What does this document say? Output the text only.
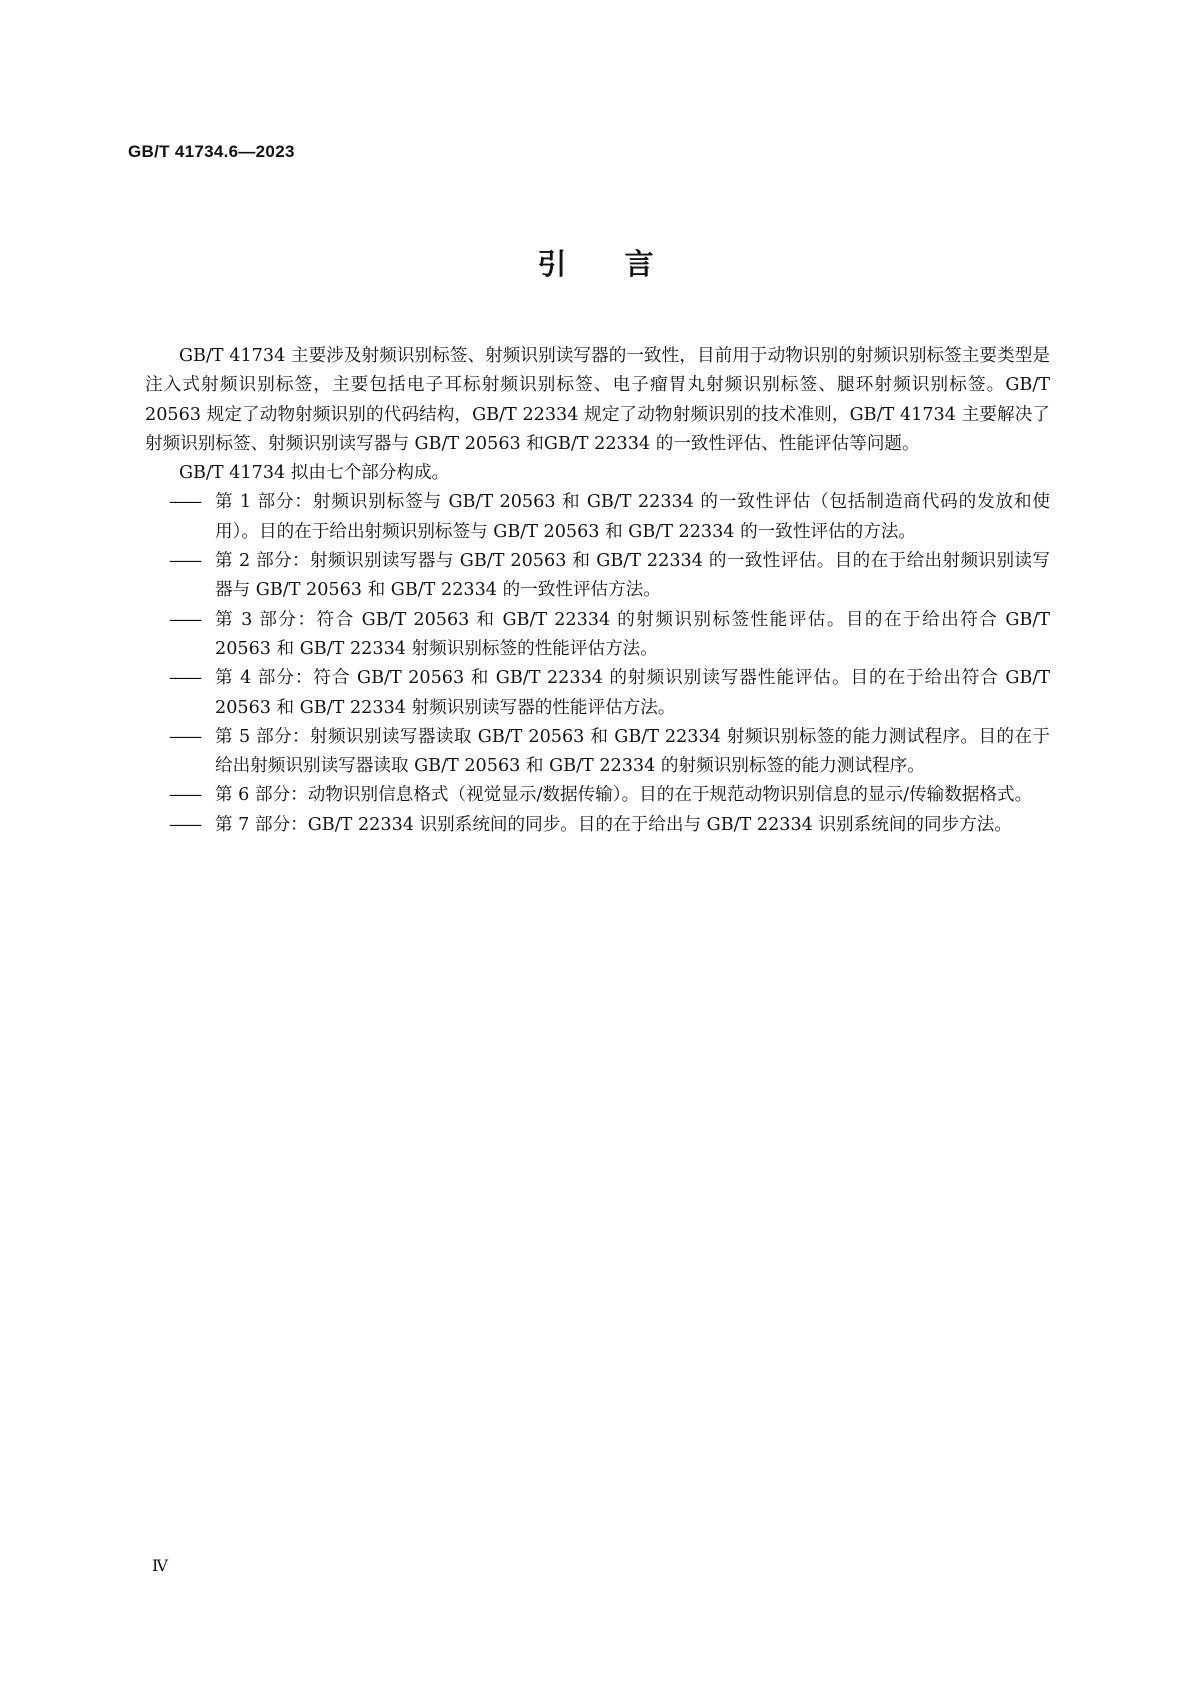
GB/T 41734.6—2023
引言

GB/T 41734 主要涉及射频识别标签、射频识别读写器的一致性，目前用于动物识别的射频识别标签主要类型是注入式射频识别标签，主要包括电子耳标射频识别标签、电子瘤胃丸射频识别标签、腿环射频识别标签。GB/T 20563 规定了动物射频识别的代码结构，GB/T 22334 规定了动物射频识别的技术准则，GB/T 41734 主要解决了射频识别标签、射频识别读写器与 GB/T 20563 和GB/T 22334 的一致性评估、性能评估等问题。

GB/T 41734 拟由七个部分构成。

—— 第 1 部分：射频识别标签与 GB/T 20563 和 GB/T 22334 的一致性评估（包括制造商代码的发放和使用）。目的在于给出射频识别标签与 GB/T 20563 和 GB/T 22334 的一致性评估的方法。
—— 第 2 部分：射频识别读写器与 GB/T 20563 和 GB/T 22334 的一致性评估。目的在于给出射频识别读写器与 GB/T 20563 和 GB/T 22334 的一致性评估方法。
—— 第 3 部分：符合 GB/T 20563 和 GB/T 22334 的射频识别标签性能评估。目的在于给出符合 GB/T 20563 和 GB/T 22334 射频识别标签的性能评估方法。
—— 第 4 部分：符合 GB/T 20563 和 GB/T 22334 的射频识别读写器性能评估。目的在于给出符合 GB/T 20563 和 GB/T 22334 射频识别读写器的性能评估方法。
—— 第 5 部分：射频识别读写器读取 GB/T 20563 和 GB/T 22334 射频识别标签的能力测试程序。目的在于给出射频识别读写器读取 GB/T 20563 和 GB/T 22334 的射频识别标签的能力测试程序。
—— 第 6 部分：动物识别信息格式（视觉显示/数据传输）。目的在于规范动物识别信息的显示/传输数据格式。
—— 第 7 部分：GB/T 22334 识别系统间的同步。目的在于给出与 GB/T 22334 识别系统间的同步方法。
Ⅳ
